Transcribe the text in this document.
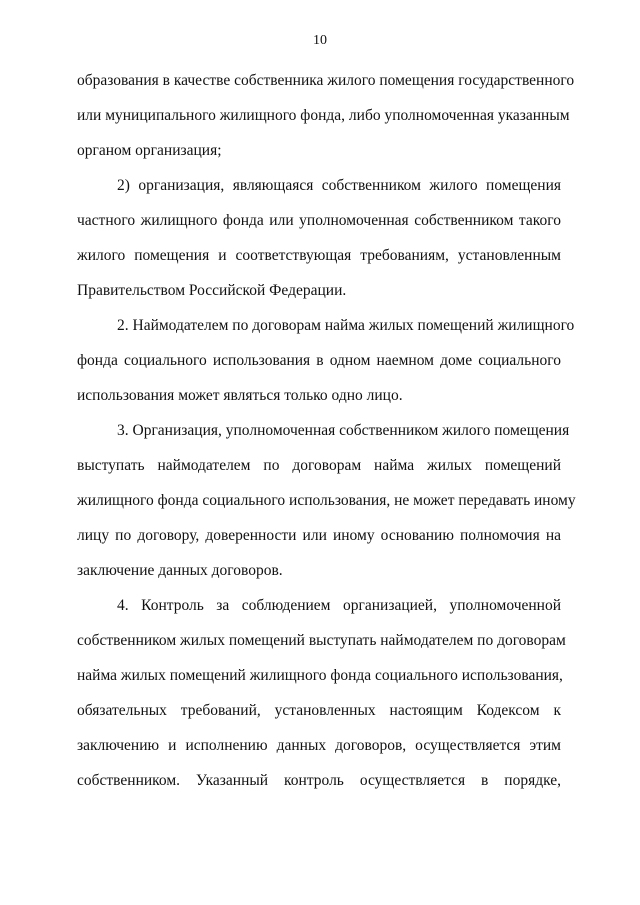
10
образования в качестве собственника жилого помещения государственного
или муниципального жилищного фонда, либо уполномоченная указанным
органом организация;
2) организация, являющаяся собственником жилого помещения
частного жилищного фонда или уполномоченная собственником такого
жилого помещения и соответствующая требованиям, установленным
Правительством Российской Федерации.
2. Наймодателем по договорам найма жилых помещений жилищного
фонда социального использования в одном наемном доме социального
использования может являться только одно лицо.
3. Организация, уполномоченная собственником жилого помещения
выступать наймодателем по договорам найма жилых помещений
жилищного фонда социального использования, не может передавать иному
лицу по договору, доверенности или иному основанию полномочия на
заключение данных договоров.
4. Контроль за соблюдением организацией, уполномоченной
собственником жилых помещений выступать наймодателем по договорам
найма жилых помещений жилищного фонда социального использования,
обязательных требований, установленных настоящим Кодексом к
заключению и исполнению данных договоров, осуществляется этим
собственником. Указанный контроль осуществляется в порядке,
